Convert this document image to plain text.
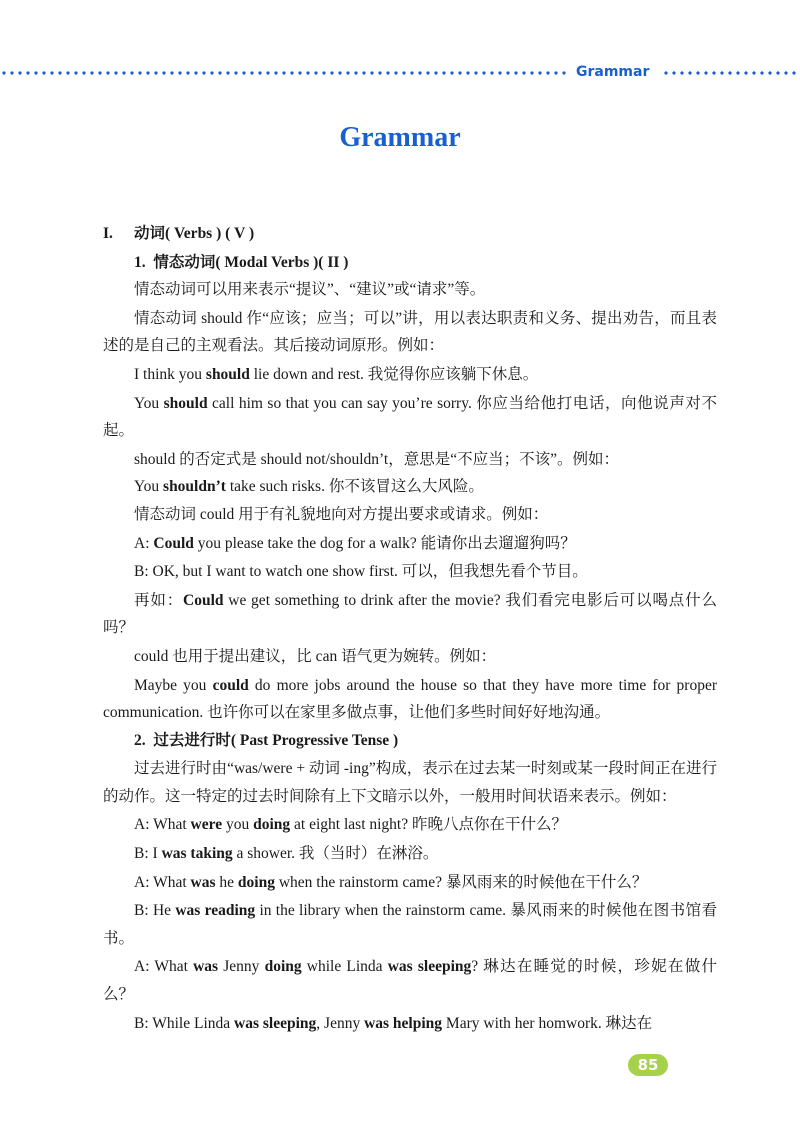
Grammar
Grammar

I. 动词( Verbs ) ( V )

1. 情态动词( Modal Verbs )( II )

情态动词可以用来表示“提议”、“建议”或“请求”等。

情态动词 should 作“应该；应当；可以”讲，用以表达职责和义务、提出劝告，而且表述的是自己的主观看法。其后接动词原形。例如：

I think you should lie down and rest. 我觉得你应该躺下休息。

You should call him so that you can say you’re sorry. 你应当给他打电话，向他说声对不起。

should 的否定式是 should not/shouldn’t，意思是“不应当；不该”。例如：

You shouldn’t take such risks. 你不该冒这么大风险。

情态动词 could 用于有礼貌地向对方提出要求或请求。例如：

A: Could you please take the dog for a walk? 能请你出去遛遛狗吗？

B: OK, but I want to watch one show first. 可以，但我想先看个节目。

再如：Could we get something to drink after the movie? 我们看完电影后可以喝点什么吗？

could 也用于提出建议，比 can 语气更为婉转。例如：

Maybe you could do more jobs around the house so that they have more time for proper communication. 也许你可以在家里多做点事，让他们多些时间好好地沟通。

2. 过去进行时( Past Progressive Tense )

过去进行时由“was/were + 动词 -ing”构成，表示在过去某一时刻或某一段时间正在进行的动作。这一特定的过去时间除有上下文暗示以外，一般用时间状语来表示。例如：

A: What were you doing at eight last night? 昨晚八点你在干什么？

B: I was taking a shower. 我（当时）在淋浴。

A: What was he doing when the rainstorm came? 暴风雨来的时候他在干什么？

B: He was reading in the library when the rainstorm came. 暴风雨来的时候他在图书馆看书。

A: What was Jenny doing while Linda was sleeping? 琳达在睡觉的时候，珍妮在做什么？

B: While Linda was sleeping, Jenny was helping Mary with her homwork. 琳达在

85
